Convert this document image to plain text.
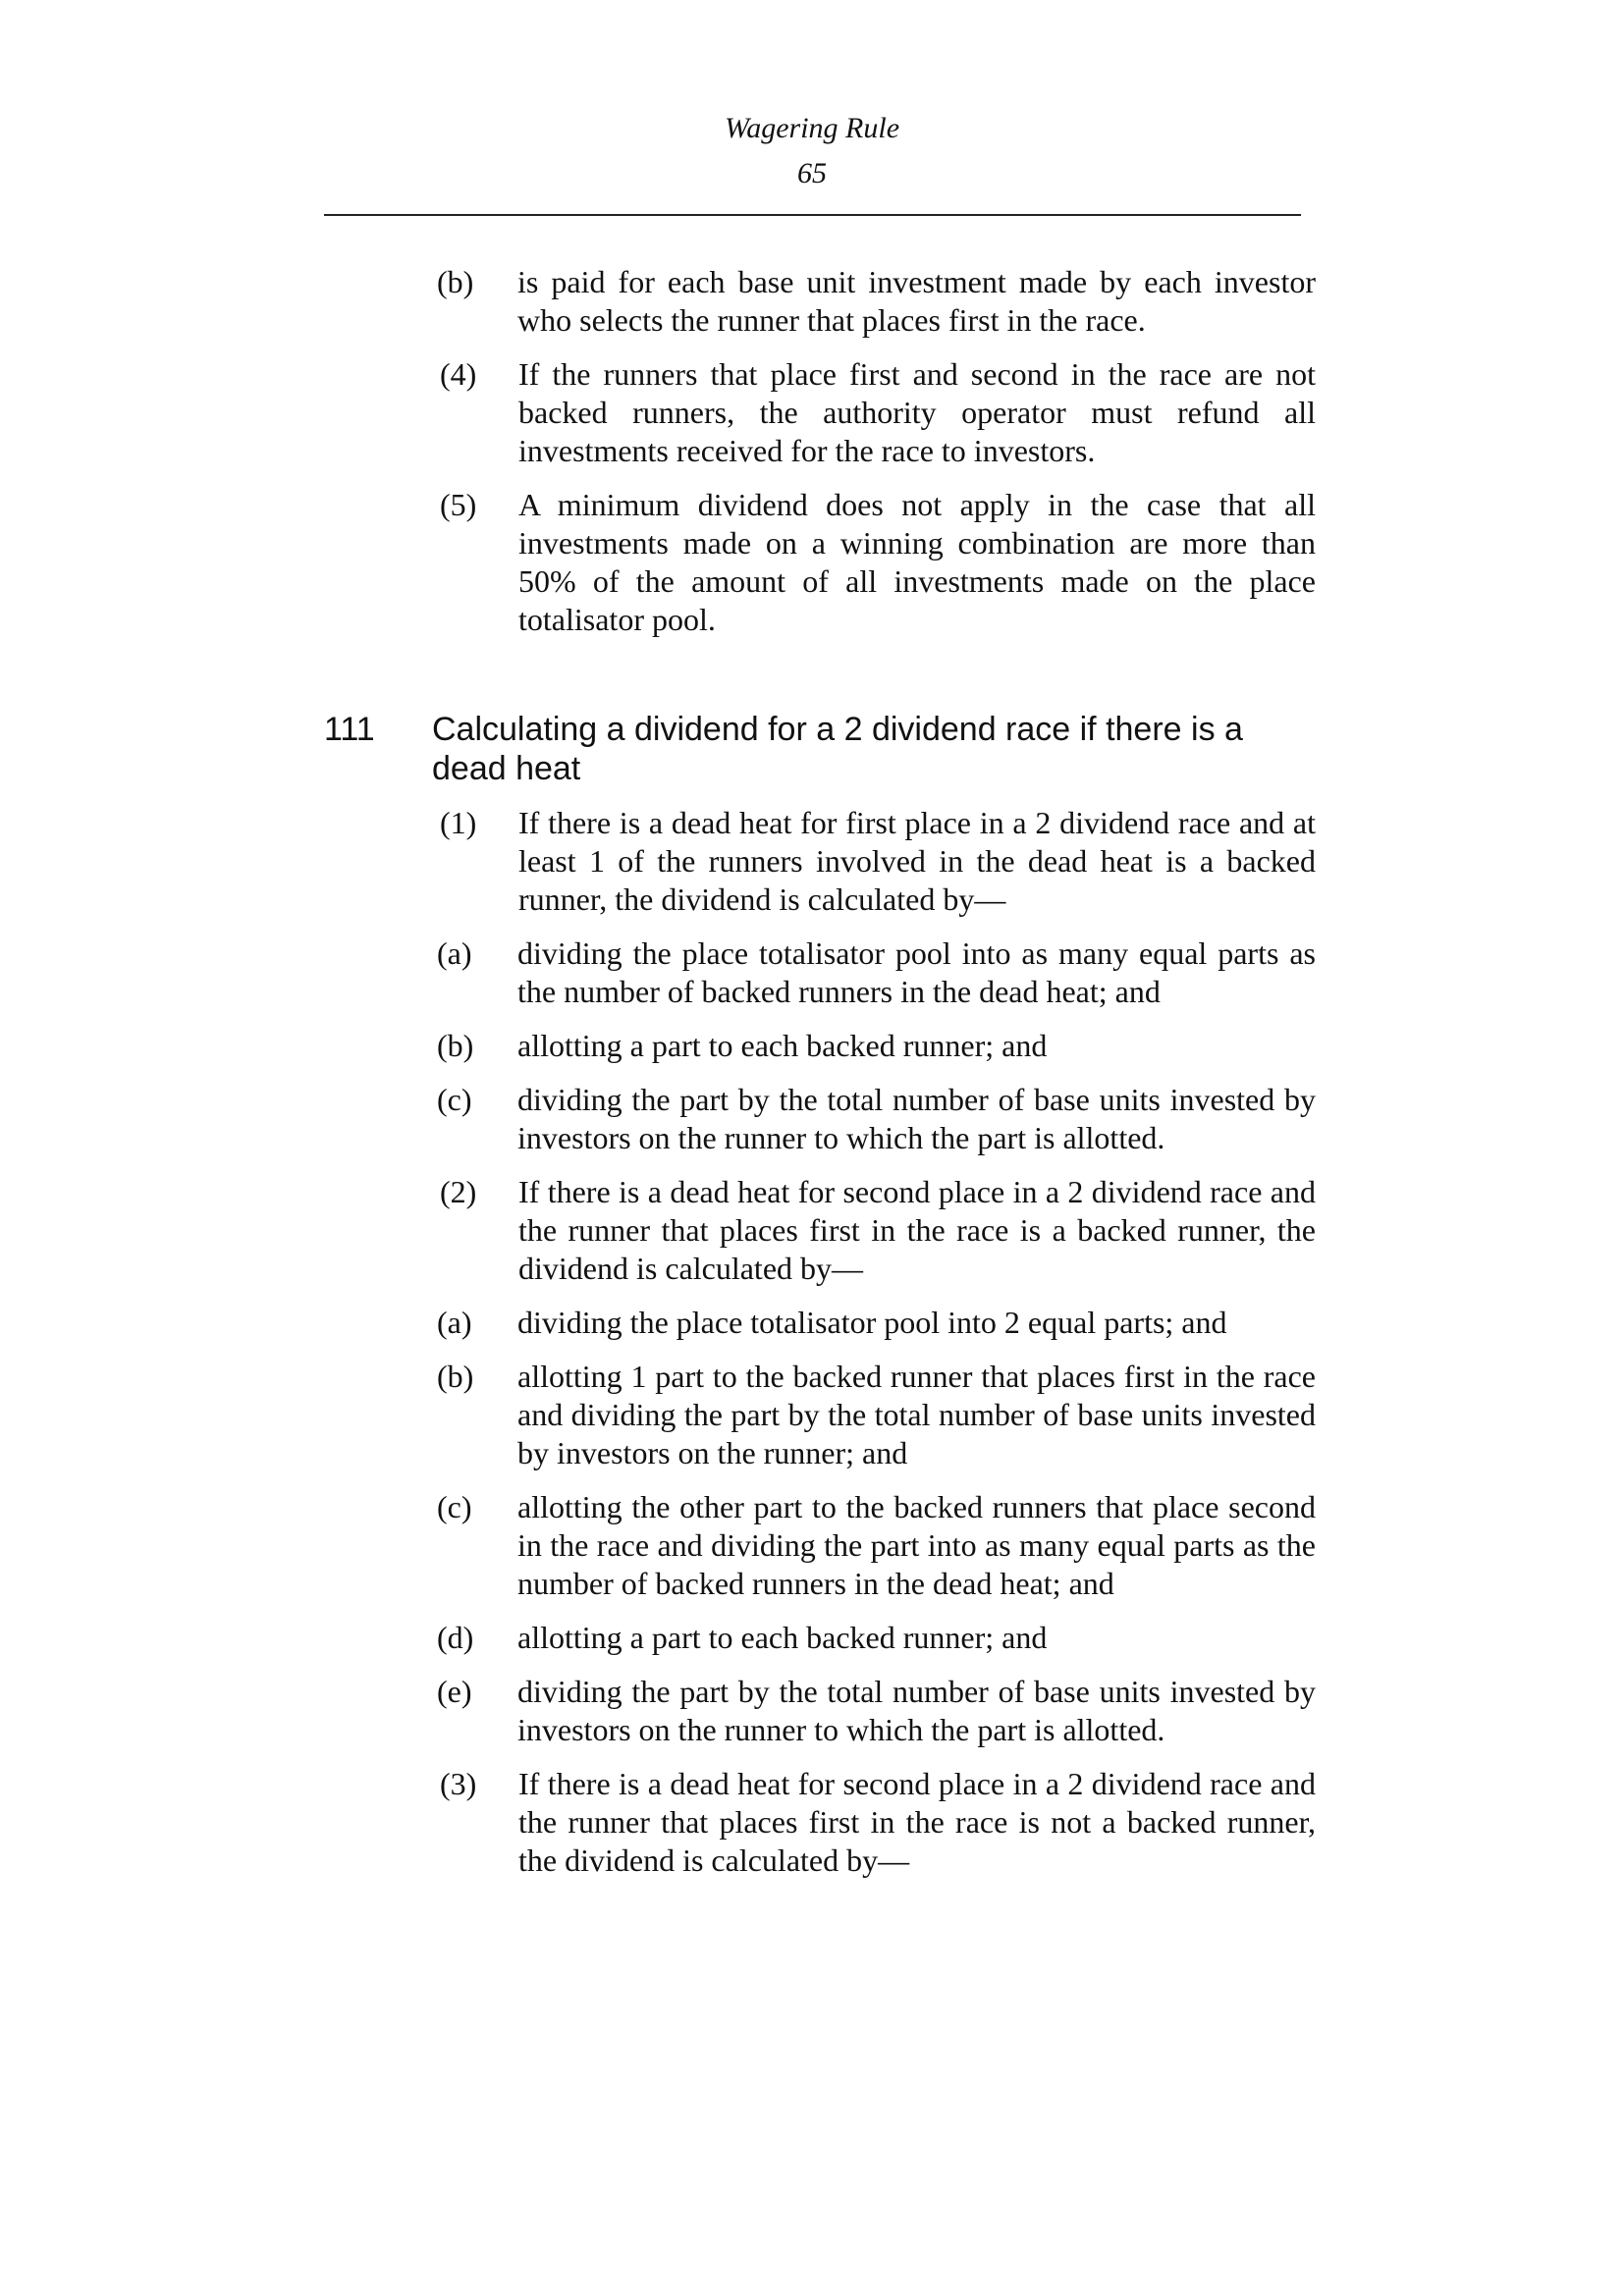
Wagering Rule
65
(b) is paid for each base unit investment made by each investor who selects the runner that places first in the race.
(4) If the runners that place first and second in the race are not backed runners, the authority operator must refund all investments received for the race to investors.
(5) A minimum dividend does not apply in the case that all investments made on a winning combination are more than 50% of the amount of all investments made on the place totalisator pool.
111 Calculating a dividend for a 2 dividend race if there is a dead heat
(1) If there is a dead heat for first place in a 2 dividend race and at least 1 of the runners involved in the dead heat is a backed runner, the dividend is calculated by—
(a) dividing the place totalisator pool into as many equal parts as the number of backed runners in the dead heat; and
(b) allotting a part to each backed runner; and
(c) dividing the part by the total number of base units invested by investors on the runner to which the part is allotted.
(2) If there is a dead heat for second place in a 2 dividend race and the runner that places first in the race is a backed runner, the dividend is calculated by—
(a) dividing the place totalisator pool into 2 equal parts; and
(b) allotting 1 part to the backed runner that places first in the race and dividing the part by the total number of base units invested by investors on the runner; and
(c) allotting the other part to the backed runners that place second in the race and dividing the part into as many equal parts as the number of backed runners in the dead heat; and
(d) allotting a part to each backed runner; and
(e) dividing the part by the total number of base units invested by investors on the runner to which the part is allotted.
(3) If there is a dead heat for second place in a 2 dividend race and the runner that places first in the race is not a backed runner, the dividend is calculated by—
